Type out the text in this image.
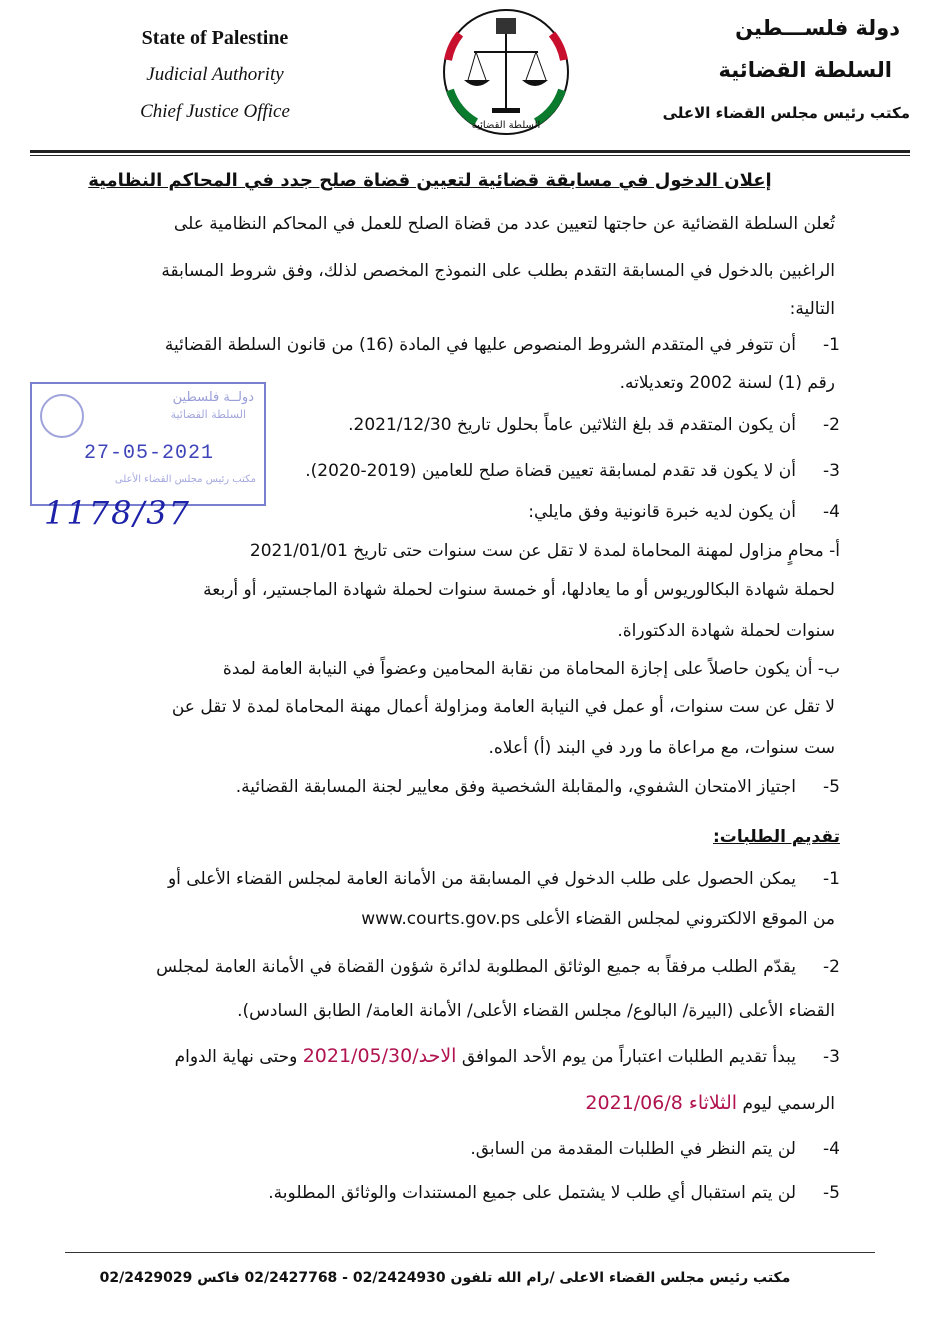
State of Palestine
Judicial Authority
Chief Justice Office
السلطة القضائية
دولة فلســـطين
السلطة القضائية
مكتب رئيس مجلس القضاء الاعلى
إعلان الدخول في مسابقة قضائية لتعيين قضاة صلح جدد في المحاكم النظامية
تُعلن السلطة القضائية عن حاجتها لتعيين عدد من قضاة الصلح للعمل في المحاكم النظامية على
الراغبين بالدخول في المسابقة التقدم بطلب على النموذج المخصص لذلك، وفق شروط المسابقة
التالية:
1-أن تتوفر في المتقدم الشروط المنصوص عليها في المادة (16) من قانون السلطة القضائية
رقم (1) لسنة 2002 وتعديلاته.
2-أن يكون المتقدم قد بلغ الثلاثين عاماً بحلول تاريخ 2021/12/30.
3-أن لا يكون قد تقدم لمسابقة تعيين قضاة صلح للعامين (2019-2020).
4-أن يكون لديه خبرة قانونية وفق مايلي:
أ- محامٍ مزاول لمهنة المحاماة لمدة لا تقل عن ست سنوات حتى تاريخ 2021/01/01
لحملة شهادة البكالوريوس أو ما يعادلها، أو خمسة سنوات لحملة شهادة الماجستير، أو أربعة
سنوات لحملة شهادة الدكتوراة.
ب- أن يكون حاصلاً على إجازة المحاماة من نقابة المحامين وعضواً في النيابة العامة لمدة
لا تقل عن ست سنوات، أو عمل في النيابة العامة ومزاولة أعمال مهنة المحاماة لمدة لا تقل عن
ست سنوات، مع مراعاة ما ورد في البند (أ) أعلاه.
5-اجتياز الامتحان الشفوي، والمقابلة الشخصية وفق معايير لجنة المسابقة القضائية.
تقديم الطلبات:
1-يمكن الحصول على طلب الدخول في المسابقة من الأمانة العامة لمجلس القضاء الأعلى أو
من الموقع الالكتروني لمجلس القضاء الأعلى www.courts.gov.ps
2-يقدّم الطلب مرفقاً به جميع الوثائق المطلوبة لدائرة شؤون القضاة في الأمانة العامة لمجلس
القضاء الأعلى (البيرة/ البالوع/ مجلس القضاء الأعلى/ الأمانة العامة/ الطابق السادس).
3-يبدأ تقديم الطلبات اعتباراً من يوم الأحد الموافق الاحد/2021/05/30 وحتى نهاية الدوام
الرسمي ليوم الثلاثاء 2021/06/8
4-لن يتم النظر في الطلبات المقدمة من السابق.
5-لن يتم استقبال أي طلب لا يشتمل على جميع المستندات والوثائق المطلوبة.
دولــة فلسطين
السلطة القضائية
27-05-2021
مكتب رئيس مجلس القضاء الأعلى
1178/37
مكتب رئيس مجلس القضاء الاعلى /رام الله تلفون 02/2424930 - 02/2427768 فاكس 02/2429029
